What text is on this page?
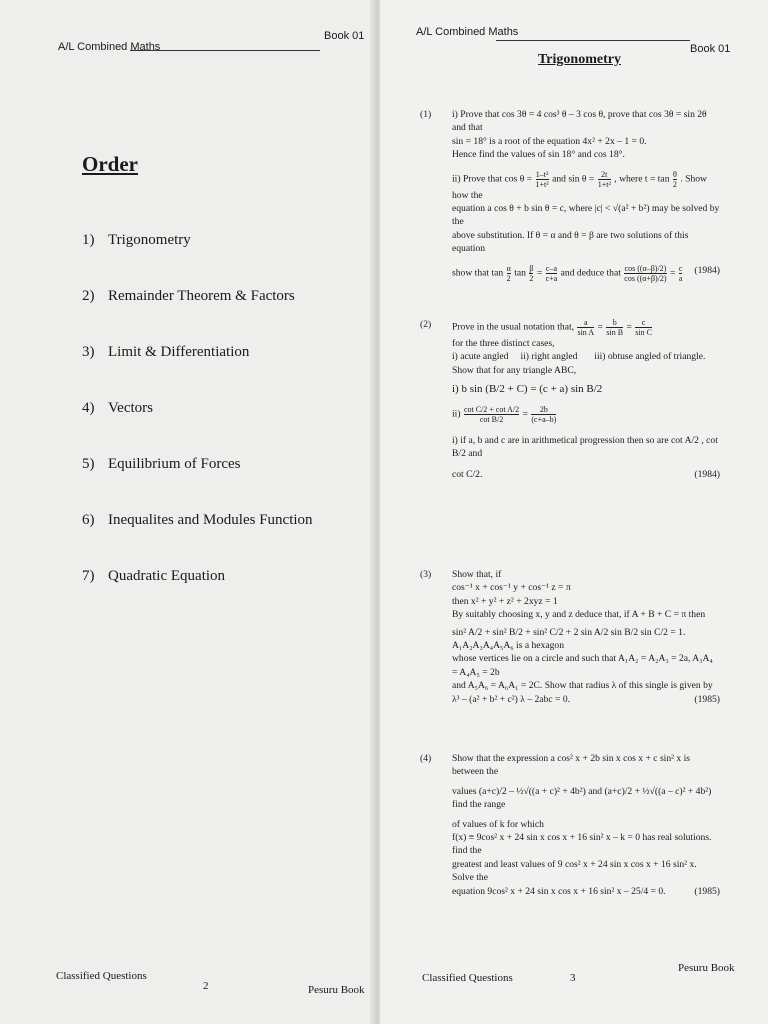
A/L Combined Maths
Book 01
Order
1) Trigonometry
2) Remainder Theorem & Factors
3) Limit & Differentiation
4) Vectors
5) Equilibrium of Forces
6) Inequalites and Modules Function
7) Quadratic Equation
Classified Questions
2	Pesuru Book
A/L Combined Maths
Book 01
Trigonometry
(1) i) Prove that cos 3θ = 4 cos³ θ – 3 cos θ, prove that cos 3θ = sin 2θ and that

sin = 18° is a root of the equation 4x² + 2x – 1 = 0.

Hence find the values of sin 18° and cos 18°.

ii) Prove that $\cos \theta = \frac{\text{1–t²}}{\text{1+t²}}$ and $\sin \theta = \frac{2t}{\text{1+t²}}$ , where $t = \tan \frac{\theta}{2}$ . Show how the

equation a cos θ + b sin θ = c, where |c| < √(a² + b²) may be solved by the

above substitution. If θ = α and θ = β are two solutions of this equation

show that $\tan \frac{\alpha}{2}$ $\tan \frac{\beta}{2} = \frac{c-a}{c+a}$ and deduce that $\frac{\cos ((\alpha-\beta)/2)}{\cos ((\alpha+\beta)/2)} = \frac{c}{a} (1984)$

(2) Prove in the usual notation that, $\frac{a}{\text{sin A}} = \frac{b}{\text{sin B}} = \frac{c}{\text{sin C}}$

for the three distinct cases,

i) acute angled ii) right angled iii) obtuse angled of triangle.

Show that for any triangle ABC,

i) b sin (B/2 + C) = (c + a) sin B/2

$ii) \frac{\text{cot C/2 + cot A/2}}{\text{cot B/2}} = \frac{2b}{(c+a-b)}$

i) if a, b and c are in arithmetical progression then so are cot A/2 , cot B/2 and

cot C/2.	(1984)

(3) Show that, if

cos⁻¹ x + cos⁻¹ y + cos⁻¹ z = π

then x² + y² + z² + 2xyz = 1

By suitably choosing x, y and z deduce that, if A + B + C = π then

sin² A/2 + sin² B/2 + sin² C/2 + 2 sin A/2 sin B/2 sin C/2 = 1. A₁A₂A₃A₄A₅A₆ is a hexagon

whose vertices lie on a circle and such that A₁A₂ = A₂A₃ = 2a, A₃A₄ = A₄A₅ = 2b

and A₅A₆ = A₆A₁ = 2C. Show that radius λ of this single is given by

λ³ – (a² + b² + c²) λ – 2abc = 0.	(1985)

(4) Show that the expression a cos² x + 2b sin x cos x + c sin² x is between the

values (a+c)/2 – ½√((a + c)² + 4b²) and (a+c)/2 + ½√((a – c)² + 4b²) find the range

of values of k for which

f(x) ≡ 9cos² x + 24 sin x cos x + 16 sin² x – k = 0 has real solutions. find the

greatest and least values of 9 cos² x + 24 sin x cos x + 16 sin² x. Solve the

equation 9cos² x + 24 sin x cos x + 16 sin² x – 25/4 = 0.	(1985)

Classified Questions	3
Pesuru Book
